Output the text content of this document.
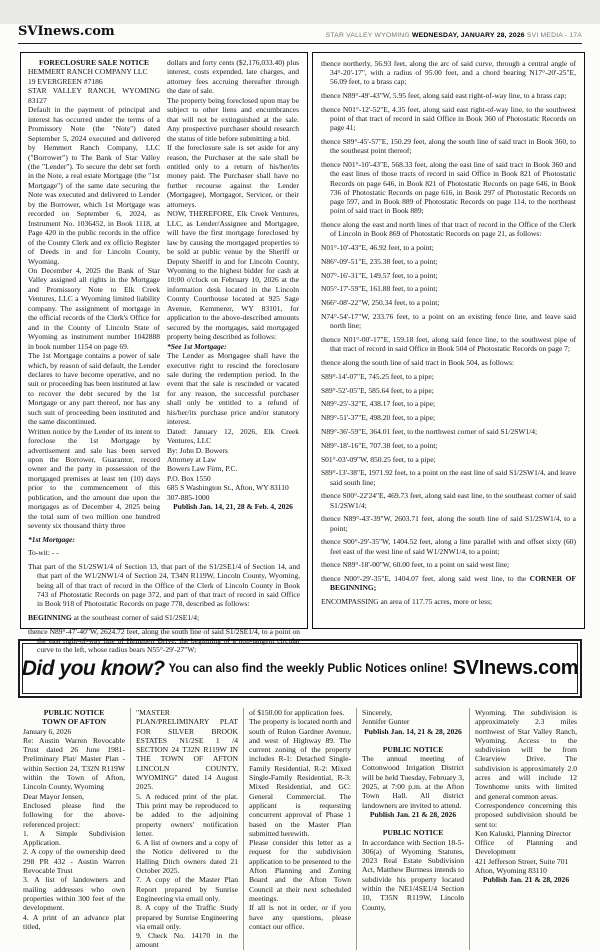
SVInews.com	STAR VALLEY WYOMING WEDNESDAY, JANUARY 28, 2026 SVI MEDIA - 17A

FORECLOSURE SALE NOTICE

HEMMERT RANCH COMPANY LLC

19 EVERGREEN #7186

STAR VALLEY RANCH, WYOMING 83127

Default in the payment of principal and interest has occurred under the terms of a Promissory Note (the "Note") dated September 5, 2024 executed and delivered by Hemmert Ranch Company, LLC ("Borrower") to The Bank of Star Valley (the "Lender"). To secure the debt set forth in the Note, a real estate Mortgage (the "1st Mortgage") of the same date securing the Note was executed and delivered to Lender by the Borrower, which 1st Mortgage was recorded on September 6, 2024, as Instrument No. 1036452, in Book 1118, at Page 420 in the public records in the office of the County Clerk and ex officio Register of Deeds in and for Lincoln County, Wyoming.

On December 4, 2025 the Bank of Star Valley assigned all rights in the Mortgage and Promissory Note to Elk Creek Ventures, LLC a Wyoming limited liability company. The assignment of mortgage in the official records of the Clerk's Office for and in the County of Lincoln State of Wyoming as instrument number 1042888 in book number 1154 on page 69.

The 1st Mortgage contains a power of sale which, by reason of said default, the Lender declares to have become operative, and no suit or proceeding has been instituted at law to recover the debt secured by the 1st Mortgage or any part thereof, nor has any such suit of proceeding been instituted and the same discontinued.

Written notice by the Lender of its intent to foreclose the 1st Mortgage by advertisement and sale has been served upon the Borrower, Guarantor, record owner and the party in possession of the mortgaged premises at least ten (10) days prior to the commencement of this publication, and the amount due upon the mortgages as of December 4, 2025 being the total sum of two million one hundred seventy six thousand thirty three

dollars and forty cents ($2,176,033.40) plus interest, costs expended, late charges, and attorney fees accruing thereafter through the date of sale.

The property being foreclosed upon may be subject to other liens and encumbrances that will not be extinguished at the sale. Any prospective purchaser should research the status of title before submitting a bid.

If the foreclosure sale is set aside for any reason, the Purchaser at the sale shall be entitled only to a return of his/her/its money paid. The Purchaser shall have no further recourse against the Lender (Mortgagee), Mortgagor, Servicer, or their attorneys.

NOW, THEREFORE, Elk Creek Ventures, LLC, as Lender/Assignee and Mortgagee, will have the first mortgage foreclosed by law by causing the mortgaged properties to be sold at public venue by the Sheriff or Deputy Sheriff in and for Lincoln County, Wyoming to the highest bidder for cash at 10:00 o'clock on February 10, 2026 at the information desk located in the Lincoln County Courthouse located at 925 Sage Avenue, Kemmerer, WY 83101, for application to the above-described amounts secured by the mortgages, said mortgaged property being described as follows:

*See 1st Mortgage:

The Lender as Mortgagee shall have the executive right to rescind the foreclosure sale during the redemption period. In the event that the sale is rescinded or vacated for any reason, the successful purchaser shall only be entitled to a refund of his/her/its purchase price and/or statutory interest.

Dated: January 12, 2026, Elk Creek Ventures, LLC

By: John D. Bowers

Attorney at Law

Bowers Law Firm, P.C.

P.O. Box 1550

685 S Washington St., Afton, WY 83110

307-885-1000

Publish Jan. 14, 21, 28 & Feb. 4, 2026

*1st Mortgage:

To-wit: - -

That part of the S1/2SW1/4 of Section 13, that part of the S1/2SE1/4 of Section 14, and that part of the W1/2NW1/4 of Section 24, T34N R119W, Lincoln County, Wyoming, being all of that tract of record in the Office of the Clerk of Lincoln County in Book 743 of Photostatic Records on page 372, and part of that tract of record in said Office in Book 918 of Photostatic Records on page 778, described as follows:

BEGINNING at the southeast corner of said S1/2SE1/4;

thence N89°-47'-40"W, 2624.72 feet, along the south line of said S1/2SE1/4, to a point on the east right-of-way line of Hemmert Drive, the beginning of a non-tangent circular curve to the left, whose radius bears N55°-29'-27"W;

thence northerly, 56.93 feet, along the arc of said curve, through a central angle of 34°-20'-17", with a radius of 95.00 feet, and a chord bearing N17°-20'-25"E, 56.09 feet, to a brass cap;

thence N89°-49'-43"W, 5.95 feet, along said east right-of-way line, to a brass cap;

thence N01°-12'-52"E, 4.35 feet, along said east right-of-way line, to the southwest point of that tract of record in said Office in Book 360 of Photostatic Records on page 41;

thence S89°-45'-57"E, 150.29 feet, along the south line of said tract in Book 360, to the southeast point thereof;

thence N01°-10'-43"E, 568.33 feet, along the east line of said tract in Book 360 and the east lines of those tracts of record in said Office in Book 821 of Photostatic Records on page 646, in Book 821 of Photostatic Records on page 646, in Book 736 of Photostatic Records on page 616, in Book 297 of Photostatic Records on page 597, and in Book 889 of Photostatic Records on page 114, to the northeast point of said tract in Book 889;

thence along the east and north lines of that tract of record in the Office of the Clerk of Lincoln in Book 869 of Photostatic Records on page 21, as follows:

N01°-10'-43"E, 46.92 feet, to a point;

N86°-09'-51"E, 235.38 feet, to a point;

N07°-16'-31"E, 149.57 feet, to a point;

N05°-17'-59"E, 161.88 feet, to a point;

N66°-08'-22"W, 250.34 feet, to a point;

N74°-54'-17"W, 233.76 feet, to a point on an existing fence line, and leave said north line;

thence N01°-00'-17"E, 159.18 feet, along said fence line, to the southwest pipe of that tract of record in said Office in Book 504 of Photostatic Records on page 7;

thence along the south line of said tract in Book 504, as follows:

S89°-14'-07"E, 745.25 feet, to a pipe;

S89°-52'-05"E, 585.64 feet, to a pipe;

N89°-25'-32"E, 438.17 feet, to a pipe;

N89°-51'-37"E, 498.20 feet, to a pipe;

N89°-36'-59"E, 364.01 feet, to the northwest corner of said S1/2SW1/4;

N89°-18'-16"E, 707.38 feet, to a point;

S01°-03'-09"W, 850.25 feet, to a pipe;

S89°-13'-38"E, 1971.92 feet, to a point on the east line of said S1/2SW1/4, and leave said south line;

thence S00°-22'24"E, 469.73 feet, along said east line, to the southeast corner of said S1/2SW1/4;

thence N89°-43'-39"W, 2603.71 feet, along the south line of said S1/2SW1/4, to a point;

thence S00°-29'-35"W, 1404.52 feet, along a line parallel with and offset sixty (60) feet east of the west line of said W1/2NW1/4, to a point;

thence N89°-18'-00"W, 60.00 feet, to a point on said west line;

thence N00°-29'-35"E, 1404.07 feet, along said west line, to the CORNER OF BEGINNING;

ENCOMPASSING an area of 117.75 acres, more or less;

Did you know? You can also find the weekly Public Notices online! SVInews.com

PUBLIC NOTICE

TOWN OF AFTON

January 6, 2026

Re: Austin Warren Revocable Trust dated 26 June 1981- Preliminary Plat/ Master Plan -within Section 24, T32N R119W within the Town of Afton, Lincoln County, Wyoming

Dear Mayor Jensen,

Enclosed please find the following for the above-referenced project:

1. A Simple Subdivision Application.

2. A copy of the ownership deed 298 PR 432 - Austin Warren Revocable Trust

3. A list of landowners and mailing addresses who own properties within 300 feet of the development.

4. A print of an advance plat titled,

"MASTER PLAN/PRELIMINARY PLAT FOR SILVER BROOK ESTATES N1/2SE 1 /4 SECTION 24 T32N R119W IN THE TOWN OF AFTON LINCOLN COUNTY, WYOMING" dated 14 August 2025.

5. A reduced print of the plat. This print may be reproduced to be added to the adjoining property owners' notification letter.

6. A list of owners and a copy of the Notice delivered to the Halling Ditch owners dated 21 October 2025.

7. A copy of the Master Plan Report prepared by Sunrise Engineering via email only.

8. A copy of the Traffic Study prepared by Sunrise Engineering via email only.

9. Check No. 14170 in the amount

of $150.00 for application fees.

The property is located north and south of Rulon Gardner Avenue, and west of Highway 89. The current zoning of the property includes R-1: Detached Single-Family Residential, R-2: Mixed Single-Family Residential, R-3: Mixed Residential, and GC: General Commercial. The applicant is requesting concurrent approval of Phase 1 based on the Master Plan submitted herewith.

Please consider this letter as a request for the subdivision application to be presented to the Afton Planning and Zoning Board and the Afton Town Council at their next scheduled meetings.

If all is not in order, or if you have any questions, please contact our office.

Sincerely,

Jennifer Gunter

Publish Jan. 14, 21 & 28, 2026

PUBLIC NOTICE

The annual meeting of Cottonwood Irrigation District will be held Tuesday, February 3, 2025, at 7:00 p.m. at the Afton Town Hall. All district landowners are invited to attend.

Publish Jan. 21 & 28, 2026

PUBLIC NOTICE

In accordance with Section 18-5-306(a) of Wyoming Statutes, 2023 Real Estate Subdivision Act, Matthew Burtness intends to subdivide his property located within the NE1/4SE1/4 Section 10, T35N R119W, Lincoln County,

Wyoming. The subdivision is approximately 2.3 miles northwest of Star Valley Ranch, Wyoming. Access to the subdivision will be from Clearview Drive. The subdivision is approximately 2.0 acres and will include 12 Townhome units with limited and general common areas.

Correspondence concerning this proposed subdivision should be sent to:

Ken Kaluski, Planning Director

Office of Planning and Development

421 Jefferson Street, Suite 701

Afton, Wyoming 83110

Publish Jan. 21 & 28, 2026
